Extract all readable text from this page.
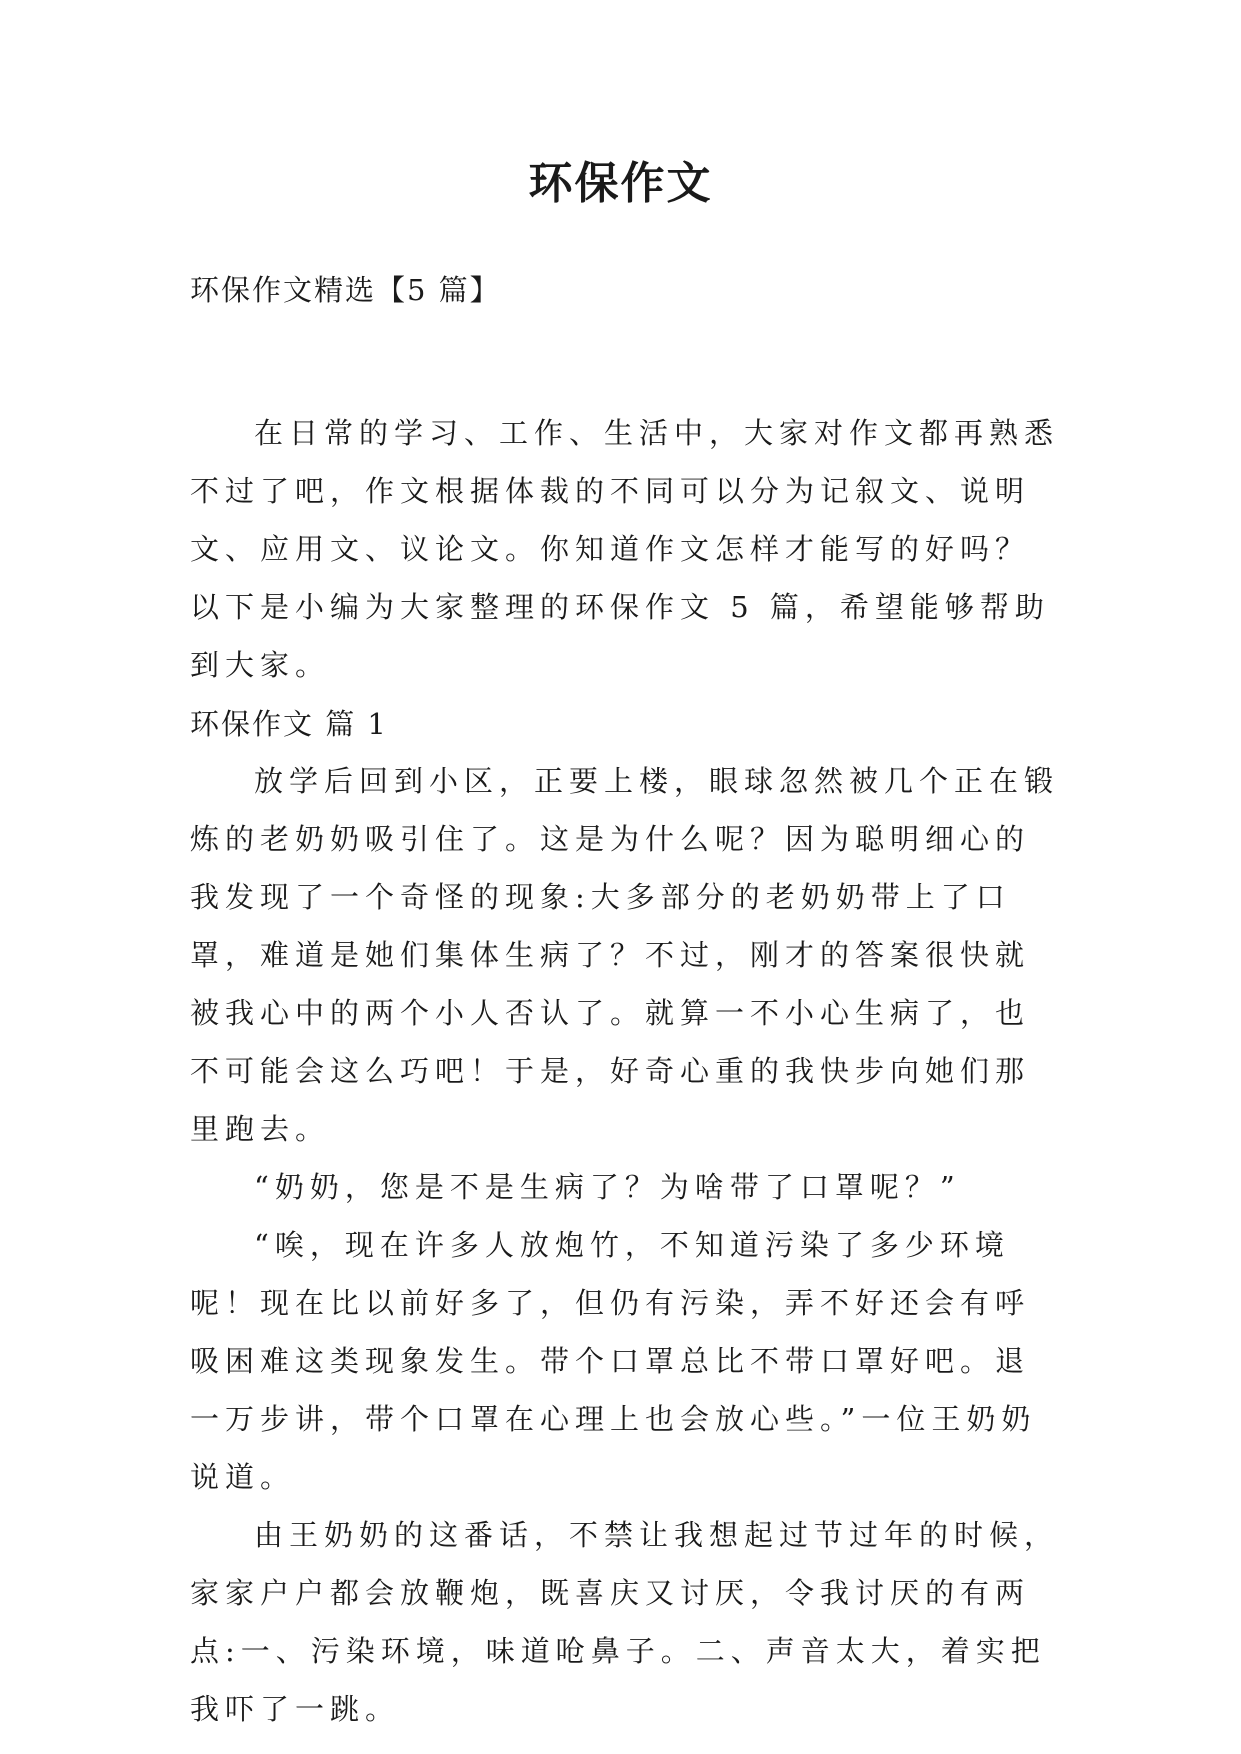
环保作文
环保作文精选【5 篇】

在日常的学习、工作、生活中，大家对作文都再熟悉不过了吧，作文根据体裁的不同可以分为记叙文、说明文、应用文、议论文。你知道作文怎样才能写的好吗？以下是小编为大家整理的环保作文 5 篇，希望能够帮助到大家。

环保作文 篇 1

放学后回到小区，正要上楼，眼球忽然被几个正在锻炼的老奶奶吸引住了。这是为什么呢？因为聪明细心的我发现了一个奇怪的现象:大多部分的老奶奶带上了口罩，难道是她们集体生病了？不过，刚才的答案很快就被我心中的两个小人否认了。就算一不小心生病了，也不可能会这么巧吧！于是，好奇心重的我快步向她们那里跑去。

“奶奶，您是不是生病了？为啥带了口罩呢？”

“唉，现在许多人放炮竹，不知道污染了多少环境呢！现在比以前好多了，但仍有污染，弄不好还会有呼吸困难这类现象发生。带个口罩总比不带口罩好吧。退一万步讲，带个口罩在心理上也会放心些。”一位王奶奶说道。

由王奶奶的这番话，不禁让我想起过节过年的时候，家家户户都会放鞭炮，既喜庆又讨厌，令我讨厌的有两点:一、污染环境，味道呛鼻子。二、声音太大，着实把我吓了一跳。
